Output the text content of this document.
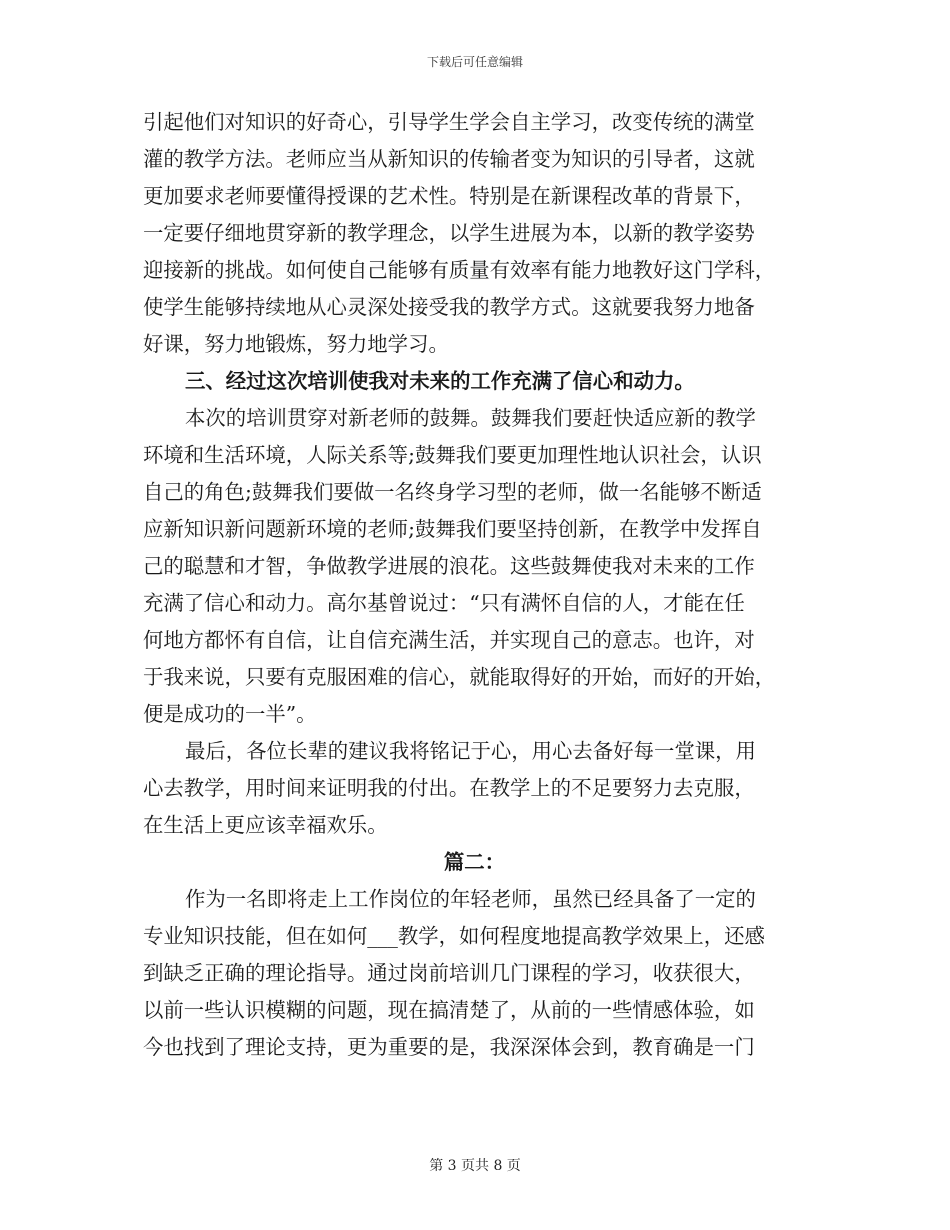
下载后可任意编辑
引起他们对知识的好奇心，引导学生学会自主学习，改变传统的满堂
灌的教学方法。老师应当从新知识的传输者变为知识的引导者，这就
更加要求老师要懂得授课的艺术性。特别是在新课程改革的背景下，
一定要仔细地贯穿新的教学理念，以学生进展为本，以新的教学姿势
迎接新的挑战。如何使自己能够有质量有效率有能力地教好这门学科，
使学生能够持续地从心灵深处接受我的教学方式。这就要我努力地备
好课，努力地锻炼，努力地学习。
三、经过这次培训使我对未来的工作充满了信心和动力。
本次的培训贯穿对新老师的鼓舞。鼓舞我们要赶快适应新的教学
环境和生活环境，人际关系等;鼓舞我们要更加理性地认识社会，认识
自己的角色;鼓舞我们要做一名终身学习型的老师，做一名能够不断适
应新知识新问题新环境的老师;鼓舞我们要坚持创新，在教学中发挥自
己的聪慧和才智，争做教学进展的浪花。这些鼓舞使我对未来的工作
充满了信心和动力。高尔基曾说过：“只有满怀自信的人，才能在任
何地方都怀有自信，让自信充满生活，并实现自己的意志。也许，对
于我来说，只要有克服困难的信心，就能取得好的开始，而好的开始，
便是成功的一半”。
最后，各位长辈的建议我将铭记于心，用心去备好每一堂课，用
心去教学，用时间来证明我的付出。在教学上的不足要努力去克服，
在生活上更应该幸福欢乐。
篇二：
作为一名即将走上工作岗位的年轻老师，虽然已经具备了一定的
专业知识技能，但在如何___教学，如何程度地提高教学效果上，还感
到缺乏正确的理论指导。通过岗前培训几门课程的学习，收获很大，
以前一些认识模糊的问题，现在搞清楚了，从前的一些情感体验，如
今也找到了理论支持，更为重要的是，我深深体会到，教育确是一门
第 3 页共 8 页
